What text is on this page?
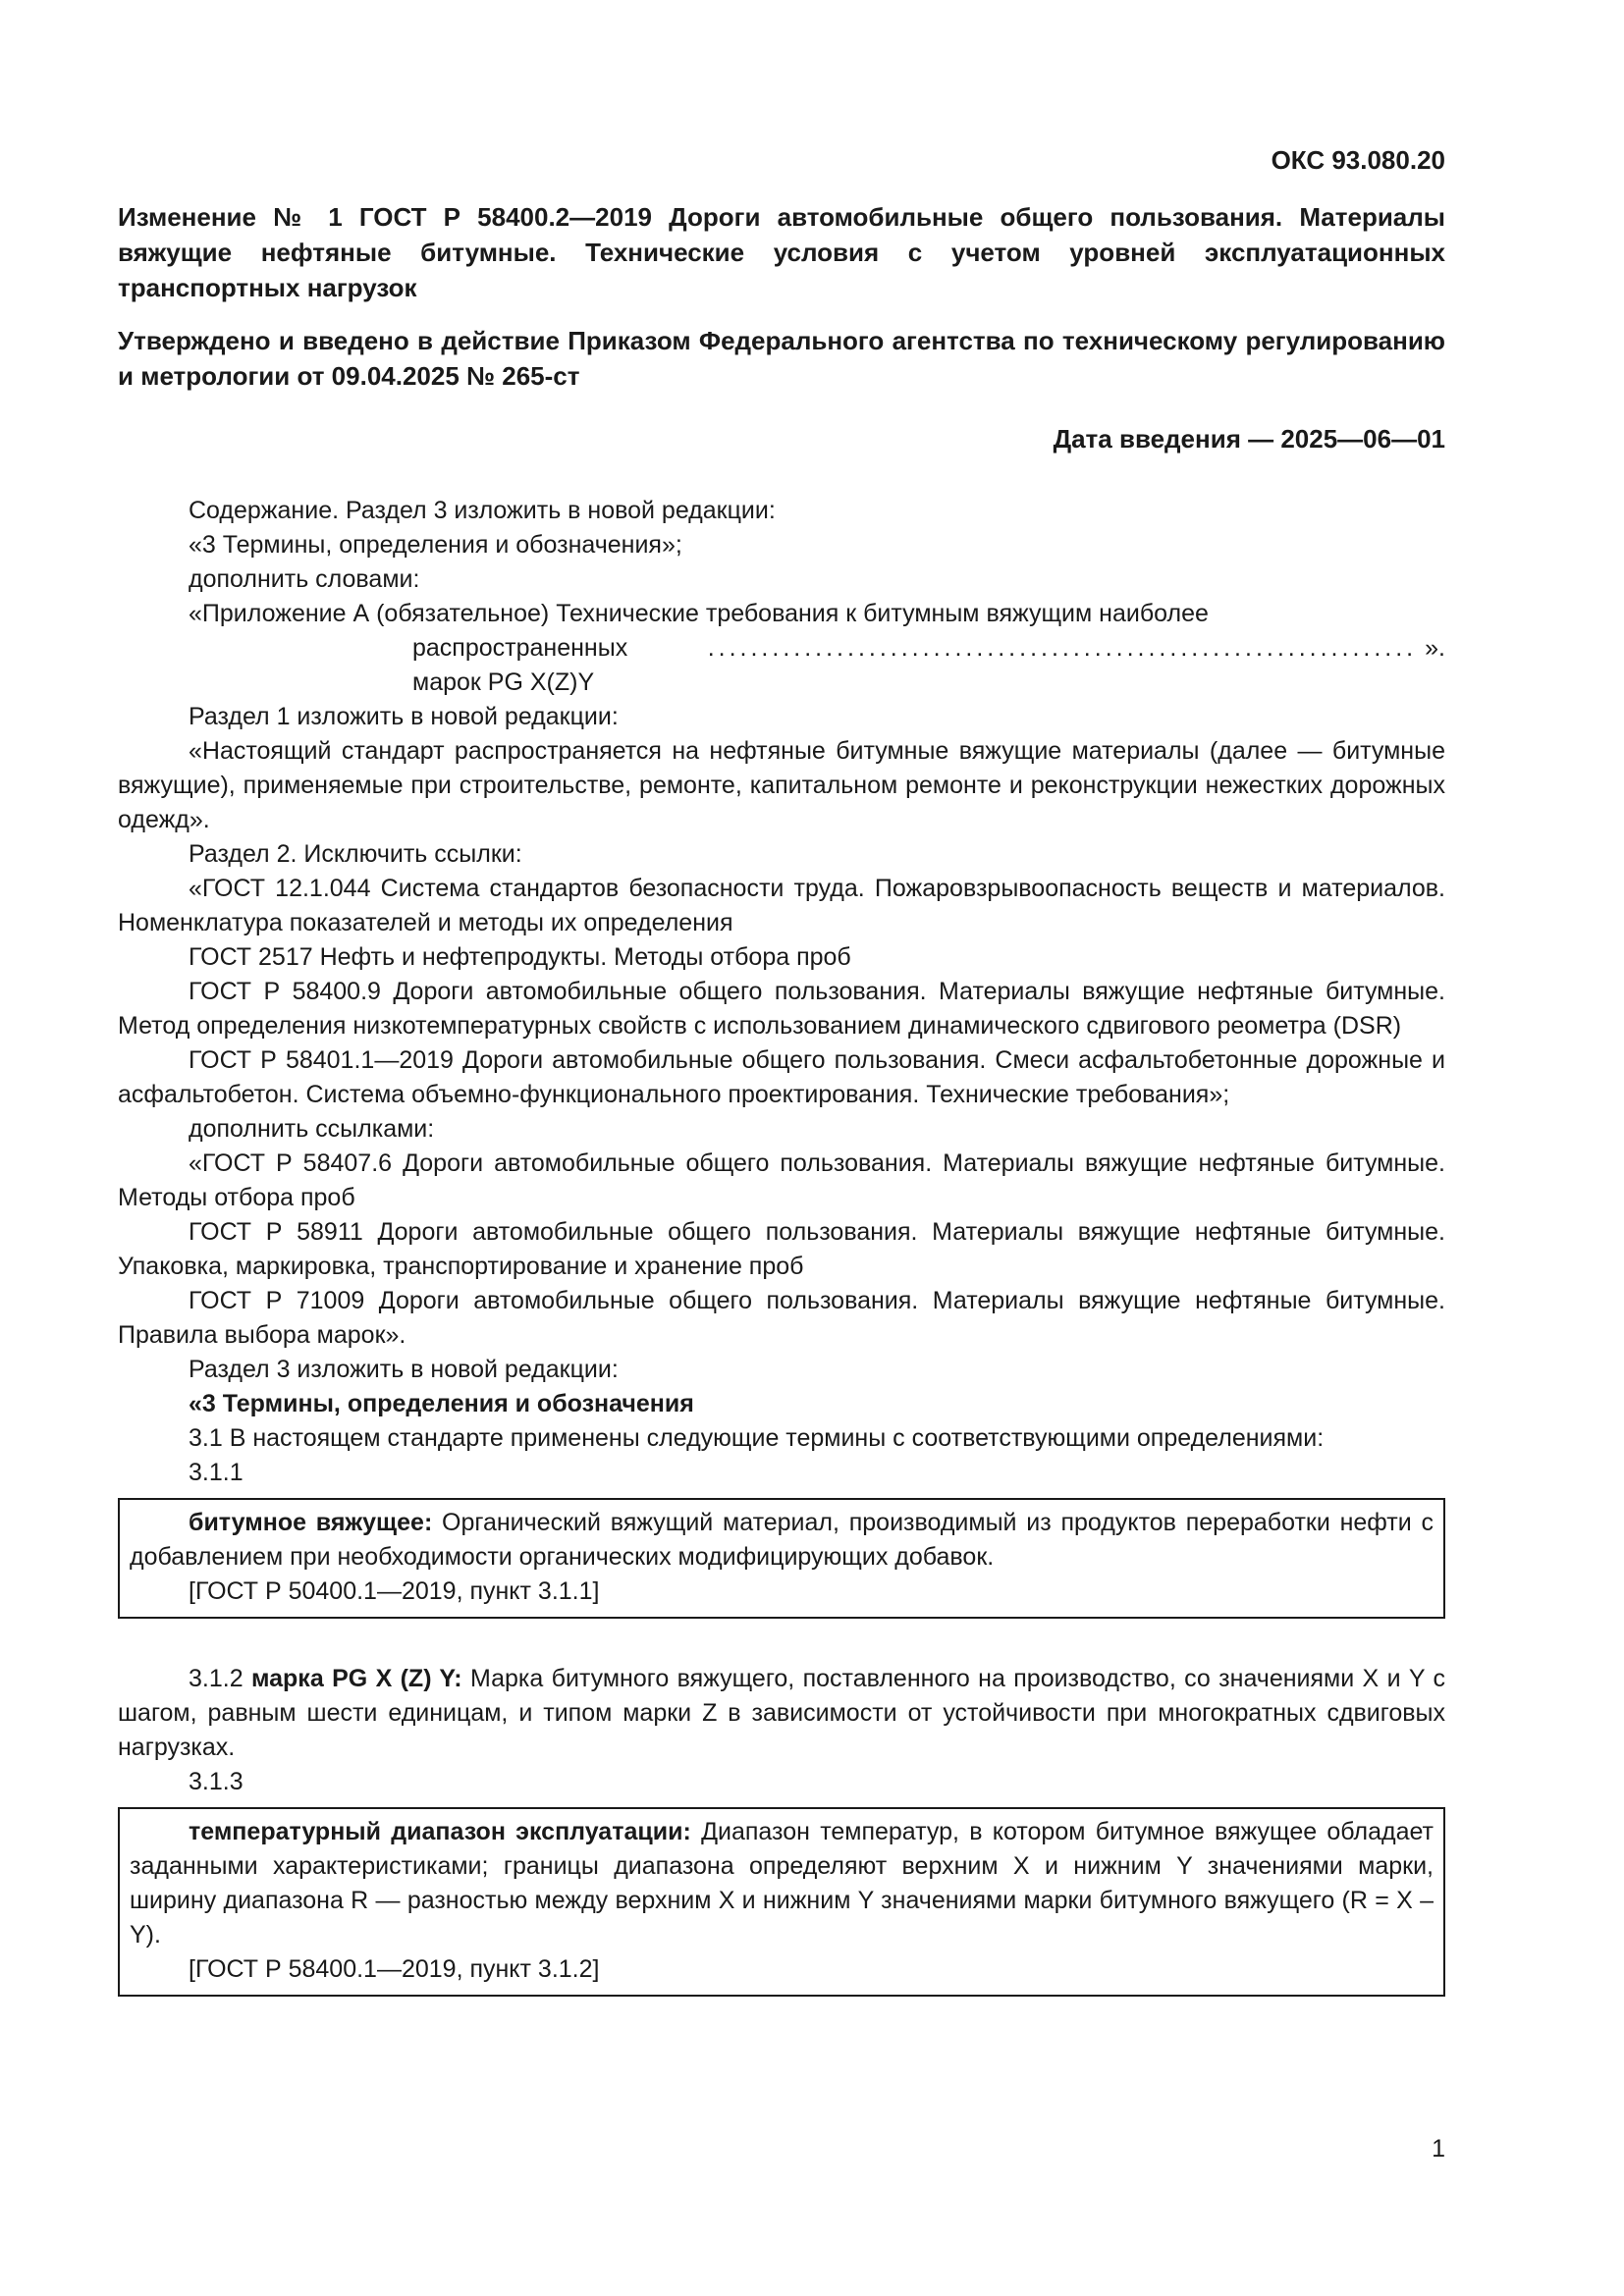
ОКС 93.080.20
Изменение № 1 ГОСТ Р 58400.2—2019 Дороги автомобильные общего пользования. Материалы вяжущие нефтяные битумные. Технические условия с учетом уровней эксплуатационных транспортных нагрузок
Утверждено и введено в действие Приказом Федерального агентства по техническому регулированию и метрологии от 09.04.2025 № 265-ст
Дата введения — 2025—06—01

Содержание. Раздел 3 изложить в новой редакции:

«3 Термины, определения и обозначения»;

дополнить словами:

«Приложение А (обязательное) Технические требования к битумным вяжущим наиболее
распространенных марок PG X(Z)Y
.................................................................. ».

Раздел 1 изложить в новой редакции:

«Настоящий стандарт распространяется на нефтяные битумные вяжущие материалы (далее — битумные вяжущие), применяемые при строительстве, ремонте, капитальном ремонте и реконструкции нежестких дорожных одежд».

Раздел 2. Исключить ссылки:

«ГОСТ 12.1.044 Система стандартов безопасности труда. Пожаровзрывоопасность веществ и материалов. Номенклатура показателей и методы их определения

ГОСТ 2517 Нефть и нефтепродукты. Методы отбора проб

ГОСТ Р 58400.9 Дороги автомобильные общего пользования. Материалы вяжущие нефтяные битумные. Метод определения низкотемпературных свойств с использованием динамического сдвигового реометра (DSR)

ГОСТ Р 58401.1—2019 Дороги автомобильные общего пользования. Смеси асфальтобетонные дорожные и асфальтобетон. Система объемно-функционального проектирования. Технические требования»;

дополнить ссылками:

«ГОСТ Р 58407.6 Дороги автомобильные общего пользования. Материалы вяжущие нефтяные битумные. Методы отбора проб

ГОСТ Р 58911 Дороги автомобильные общего пользования. Материалы вяжущие нефтяные битумные. Упаковка, маркировка, транспортирование и хранение проб

ГОСТ Р 71009 Дороги автомобильные общего пользования. Материалы вяжущие нефтяные битумные. Правила выбора марок».

Раздел 3 изложить в новой редакции:

«3 Термины, определения и обозначения

3.1 В настоящем стандарте применены следующие термины с соответствующими определениями:

3.1.1

битумное вяжущее: Органический вяжущий материал, производимый из продуктов переработки нефти с добавлением при необходимости органических модифицирующих добавок.

[ГОСТ Р 50400.1—2019, пункт 3.1.1]

3.1.2 марка PG X (Z) Y: Марка битумного вяжущего, поставленного на производство, со значениями X и Y с шагом, равным шести единицам, и типом марки Z в зависимости от устойчивости при многократных сдвиговых нагрузках.

3.1.3

температурный диапазон эксплуатации: Диапазон температур, в котором битумное вяжущее обладает заданными характеристиками; границы диапазона определяют верхним X и нижним Y значениями марки, ширину диапазона R — разностью между верхним X и нижним Y значениями марки битумного вяжущего (R = X – Y).

[ГОСТ Р 58400.1—2019, пункт 3.1.2]
1
